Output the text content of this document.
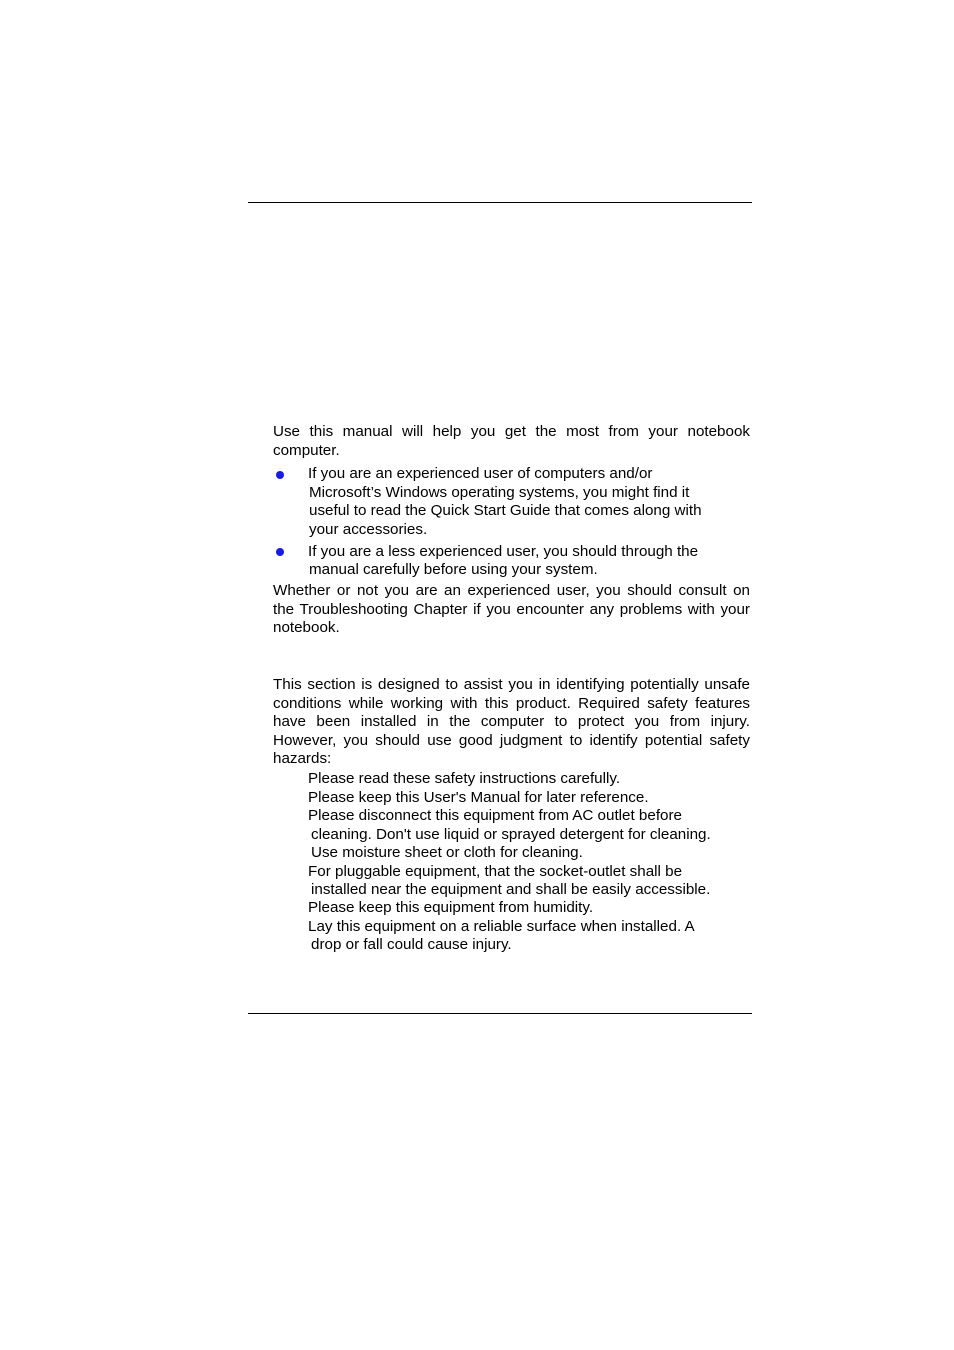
Use this manual will help you get the most from your notebook computer.

If you are an experienced user of computers and/or
Microsoft’s Windows operating systems, you might find it
useful to read the Quick Start Guide that comes along with
your accessories.
If you are a less experienced user, you should through the
manual carefully before using your system.

Whether or not you are an experienced user, you should consult on the Troubleshooting Chapter if you encounter any problems with your notebook.

This section is designed to assist you in identifying potentially unsafe conditions while working with this product. Required safety features have been installed in the computer to protect you from injury. However, you should use good judgment to identify potential safety hazards:

Please read these safety instructions carefully.
Please keep this User's Manual for later reference.
Please disconnect this equipment from AC outlet before
cleaning. Don't use liquid or sprayed detergent for cleaning.
Use moisture sheet or cloth for cleaning.
For pluggable equipment, that the socket-outlet shall be
installed near the equipment and shall be easily accessible.
Please keep this equipment from humidity.
Lay this equipment on a reliable surface when installed. A
drop or fall could cause injury.
